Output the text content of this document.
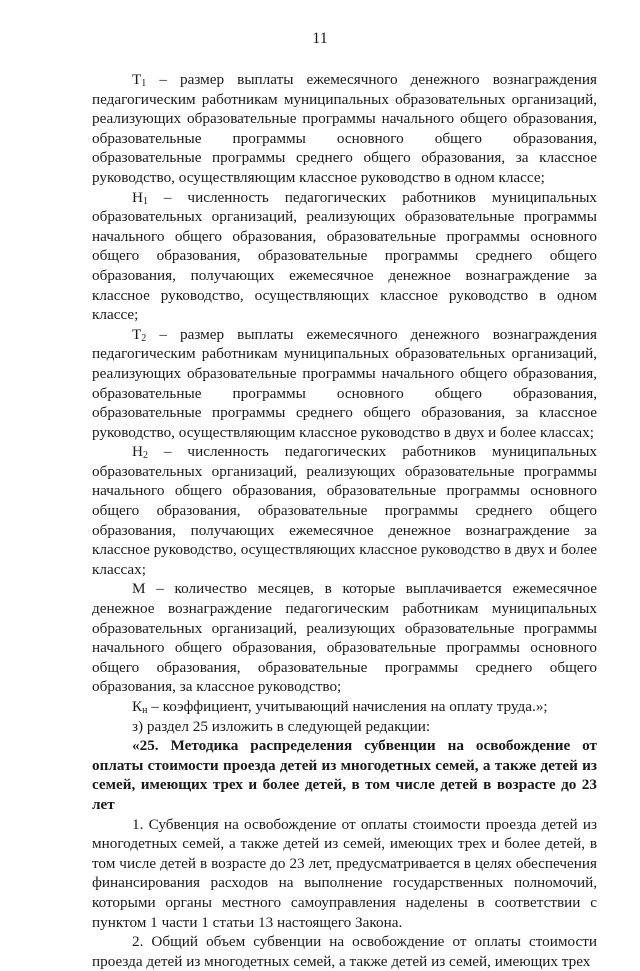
11

$T_1$ – размер выплаты ежемесячного денежного вознаграждения педагогическим работникам муниципальных образовательных организаций, реализующих образовательные программы начального общего образования, образовательные программы основного общего образования, образовательные программы среднего общего образования, за классное руководство, осуществляющим классное руководство в одном классе;

$H_1$ – численность педагогических работников муниципальных образовательных организаций, реализующих образовательные программы начального общего образования, образовательные программы основного общего образования, образовательные программы среднего общего образования, получающих ежемесячное денежное вознаграждение за классное руководство, осуществляющих классное руководство в одном классе;

$T_2$ – размер выплаты ежемесячного денежного вознаграждения педагогическим работникам муниципальных образовательных организаций, реализующих образовательные программы начального общего образования, образовательные программы основного общего образования, образовательные программы среднего общего образования, за классное руководство, осуществляющим классное руководство в двух и более классах;

$H_2$ – численность педагогических работников муниципальных образовательных организаций, реализующих образовательные программы начального общего образования, образовательные программы основного общего образования, образовательные программы среднего общего образования, получающих ежемесячное денежное вознаграждение за классное руководство, осуществляющих классное руководство в двух и более классах;

М – количество месяцев, в которые выплачивается ежемесячное денежное вознаграждение педагогическим работникам муниципальных образовательных организаций, реализующих образовательные программы начального общего образования, образовательные программы основного общего образования, образовательные программы среднего общего образования, за классное руководство;

$К_н$ – коэффициент, учитывающий начисления на оплату труда.»;

з) раздел 25 изложить в следующей редакции:

«25. Методика распределения субвенции на освобождение от оплаты стоимости проезда детей из многодетных семей, а также детей из семей, имеющих трех и более детей, в том числе детей в возрасте до 23 лет

1. Субвенция на освобождение от оплаты стоимости проезда детей из многодетных семей, а также детей из семей, имеющих трех и более детей, в том числе детей в возрасте до 23 лет, предусматривается в целях обеспечения финансирования расходов на выполнение государственных полномочий, которыми органы местного самоуправления наделены в соответствии с пунктом 1 части 1 статьи 13 настоящего Закона.

2. Общий объем субвенции на освобождение от оплаты стоимости проезда детей из многодетных семей, а также детей из семей, имеющих трех
